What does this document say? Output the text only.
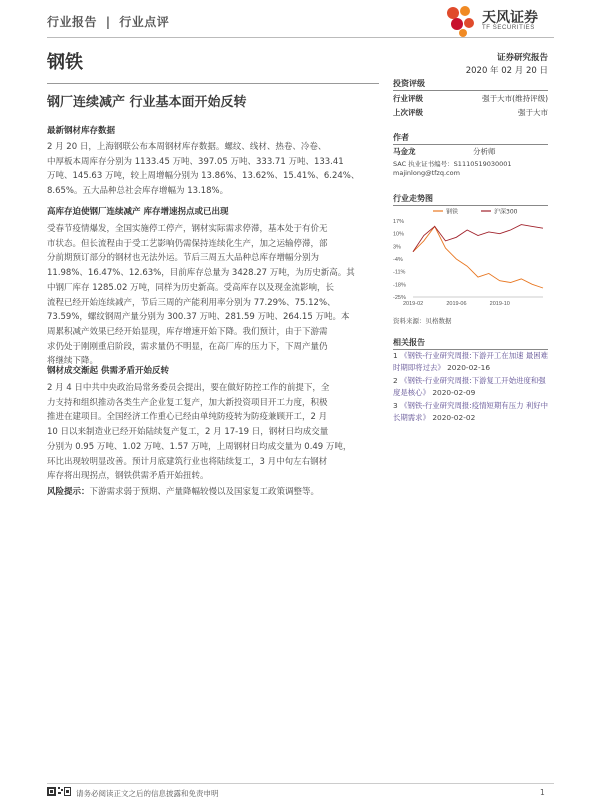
行业报告 | 行业点评	天风证券
TF SECURITIES
钢铁	证券研究报告
2020 年 02 月 20 日
钢厂连续减产 行业基本面开始反转
投资评级
行业评级	强于大市(维持评级)
上次评级	强于大市
作者
马金龙	分析师
SAC 执业证书编号：S1110519030001
majinlong@tfzq.com
行业走势图
17%
10%
3%
-4%
-11%
-18%
-25%
2019-02	2019-06	2019-10
钢铁	沪深300
资料来源：贝格数据
相关报告
1 《钢铁-行业研究周报:下游开工在加速 最困难时期即将过去》 2020-02-16
2 《钢铁-行业研究周报:下游复工开始进度和强度是核心》 2020-02-09
3 《钢铁-行业研究周报:疫情短期有压力 利好中长期需求》 2020-02-02
最新钢材库存数据
2 月 20 日，上海钢联公布本周钢材库存数据。螺纹、线材、热卷、冷卷、
中厚板本周库存分别为 1133.45 万吨、397.05 万吨、333.71 万吨、133.41
万吨、145.63 万吨，较上周增幅分别为 13.86%、13.62%、15.41%、6.24%、
8.65%。五大品种总社会库存增幅为 13.18%。
高库存迫使钢厂连续减产 库存增速拐点或已出现
受春节疫情爆发，全国实施停工停产，钢材实际需求停滞，基本处于有价无
市状态。但长流程由于受工艺影响仍需保持连续化生产，加之运输停滞，部
分前期预订部分的钢材也无法外运。节后三周五大品种总库存增幅分别为
11.98%、16.47%、12.63%，目前库存总量为 3428.27 万吨，为历史新高。其
中钢厂库存 1285.02 万吨，同样为历史新高。受高库存以及现金流影响，长
流程已经开始连续减产，节后三周的产能利用率分别为 77.29%、75.12%、
73.59%，螺纹钢周产量分别为 300.37 万吨、281.59 万吨、264.15 万吨。本
周累积减产效果已经开始显现，库存增速开始下降。我们预计，由于下游需
求仍处于刚刚重启阶段，需求量仍不明显，在高厂库的压力下，下周产量仍
将继续下降。
钢材成交渐起 供需矛盾开始反转
2 月 4 日中共中央政治局常务委员会提出，要在做好防控工作的前提下，全
力支持和组织推动各类生产企业复工复产，加大新投资项目开工力度，积极
推进在建项目。全国经济工作重心已经由单纯防疫转为防疫兼顾开工，2 月
10 日以来制造业已经开始陆续复产复工，2 月 17-19 日，钢材日均成交量
分别为 0.95 万吨、1.02 万吨、1.57 万吨，上周钢材日均成交量为 0.49 万吨，
环比出现较明显改善。预计月底建筑行业也将陆续复工，3 月中旬左右钢材
库存将出现拐点，钢铁供需矛盾开始扭转。
风险提示：下游需求弱于预期、产量降幅较慢以及国家复工政策调整等。
请务必阅读正文之后的信息披露和免责申明	1
